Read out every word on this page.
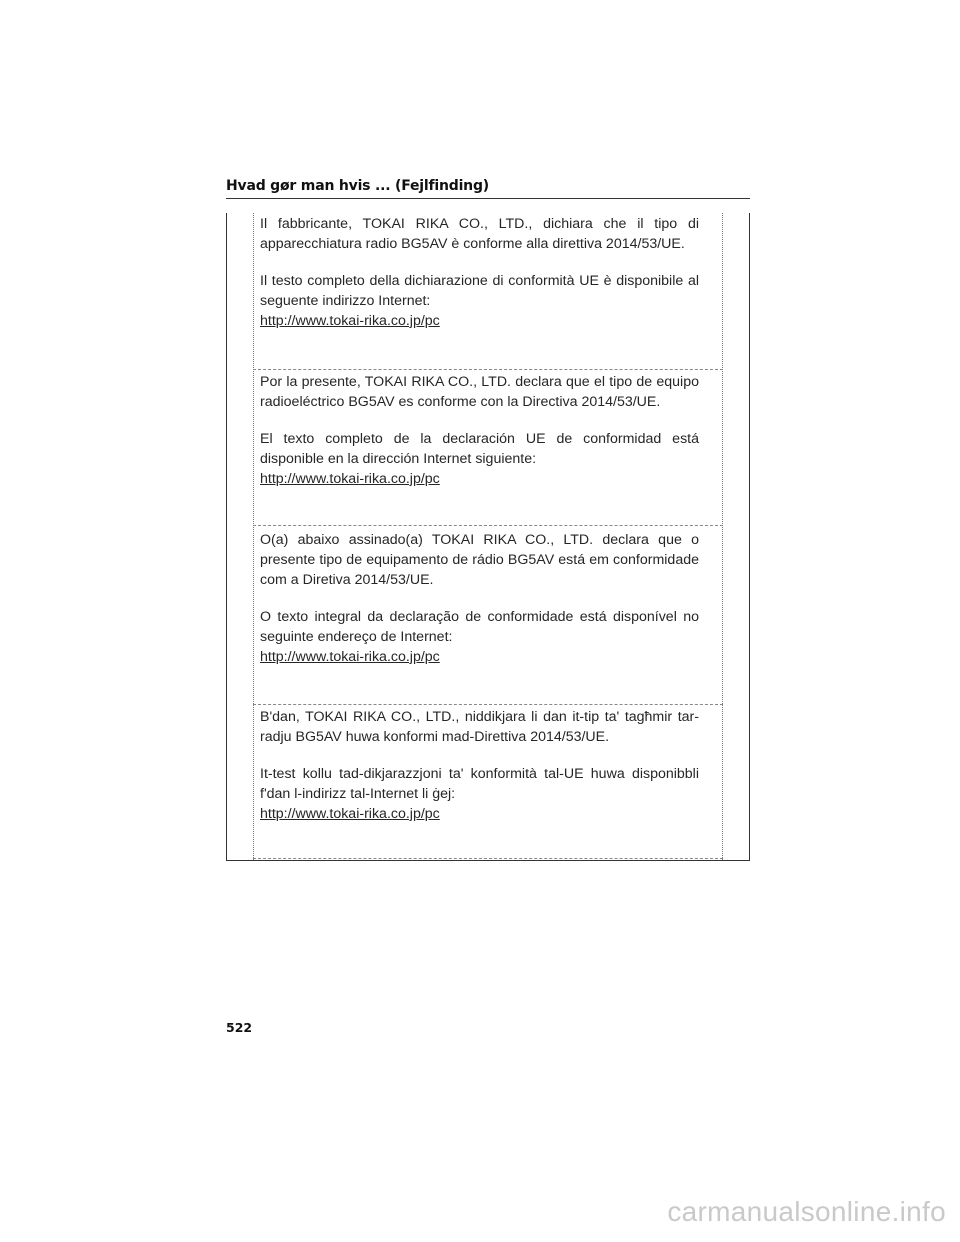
Hvad gør man hvis ... (Fejlfinding)

Il fabbricante, TOKAI RIKA CO., LTD., dichiara che il tipo di apparecchiatura radio BG5AV è conforme alla direttiva 2014/53/UE.

Il testo completo della dichiarazione di conformità UE è disponibile al seguente indirizzo Internet:
http://www.tokai-rika.co.jp/pc

Por la presente, TOKAI RIKA CO., LTD. declara que el tipo de equipo radioeléctrico BG5AV es conforme con la Directiva 2014/53/UE.

El texto completo de la declaración UE de conformidad está disponible en la dirección Internet siguiente:
http://www.tokai-rika.co.jp/pc

O(a) abaixo assinado(a) TOKAI RIKA CO., LTD. declara que o presente tipo de equipamento de rádio BG5AV está em conformidade com a Diretiva 2014/53/UE.

O texto integral da declaração de conformidade está disponível no seguinte endereço de Internet:
http://www.tokai-rika.co.jp/pc

B'dan, TOKAI RIKA CO., LTD., niddikjara li dan it-tip ta' tagħmir tar-radju BG5AV huwa konformi mad-Direttiva 2014/53/UE.

It-test kollu tad-dikjarazzjoni ta' konformità tal-UE huwa disponibbli f'dan l-indirizz tal-Internet li ġej:
http://www.tokai-rika.co.jp/pc

522
carmanualsonline.info
